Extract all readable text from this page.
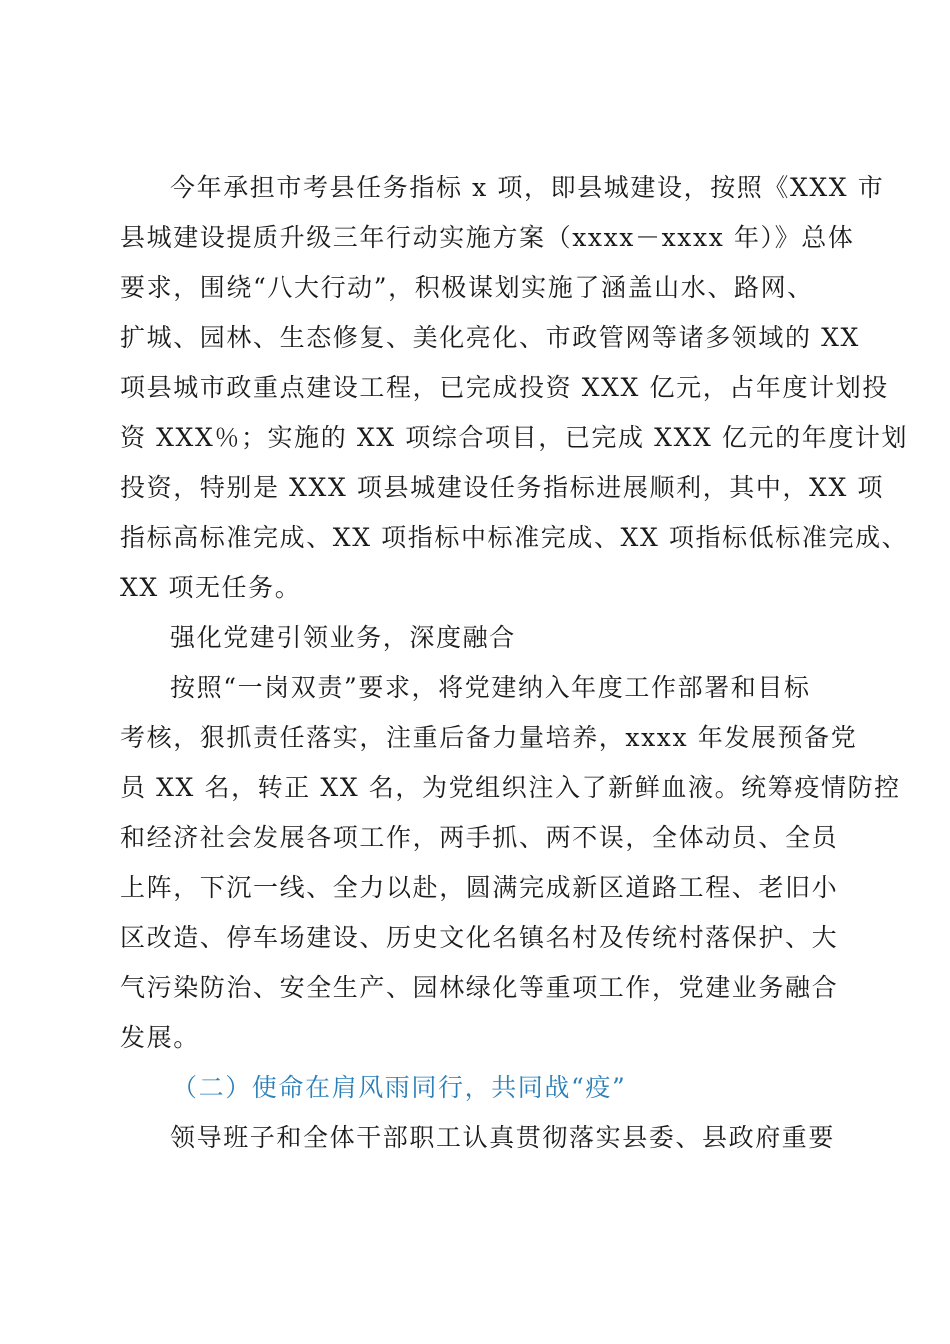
今年承担市考县任务指标 x 项，即县城建设，按照《XXX 市
县城建设提质升级三年行动实施方案（xxxx－xxxx 年）》总体
要求，围绕“八大行动”，积极谋划实施了涵盖山水、路网、
扩城、园林、生态修复、美化亮化、市政管网等诸多领域的 XX
项县城市政重点建设工程，已完成投资 XXX 亿元，占年度计划投
资 XXX％；实施的 XX 项综合项目，已完成 XXX 亿元的年度计划
投资，特别是 XXX 项县城建设任务指标进展顺利，其中，XX 项
指标高标准完成、XX 项指标中标准完成、XX 项指标低标准完成、
XX 项无任务。
强化党建引领业务，深度融合
按照“一岗双责”要求，将党建纳入年度工作部署和目标
考核，狠抓责任落实，注重后备力量培养，xxxx 年发展预备党
员 XX 名，转正 XX 名，为党组织注入了新鲜血液。统筹疫情防控
和经济社会发展各项工作，两手抓、两不误，全体动员、全员
上阵，下沉一线、全力以赴，圆满完成新区道路工程、老旧小
区改造、停车场建设、历史文化名镇名村及传统村落保护、大
气污染防治、安全生产、园林绿化等重项工作，党建业务融合
发展。
（二）使命在肩风雨同行，共同战“疫”
领导班子和全体干部职工认真贯彻落实县委、县政府重要
